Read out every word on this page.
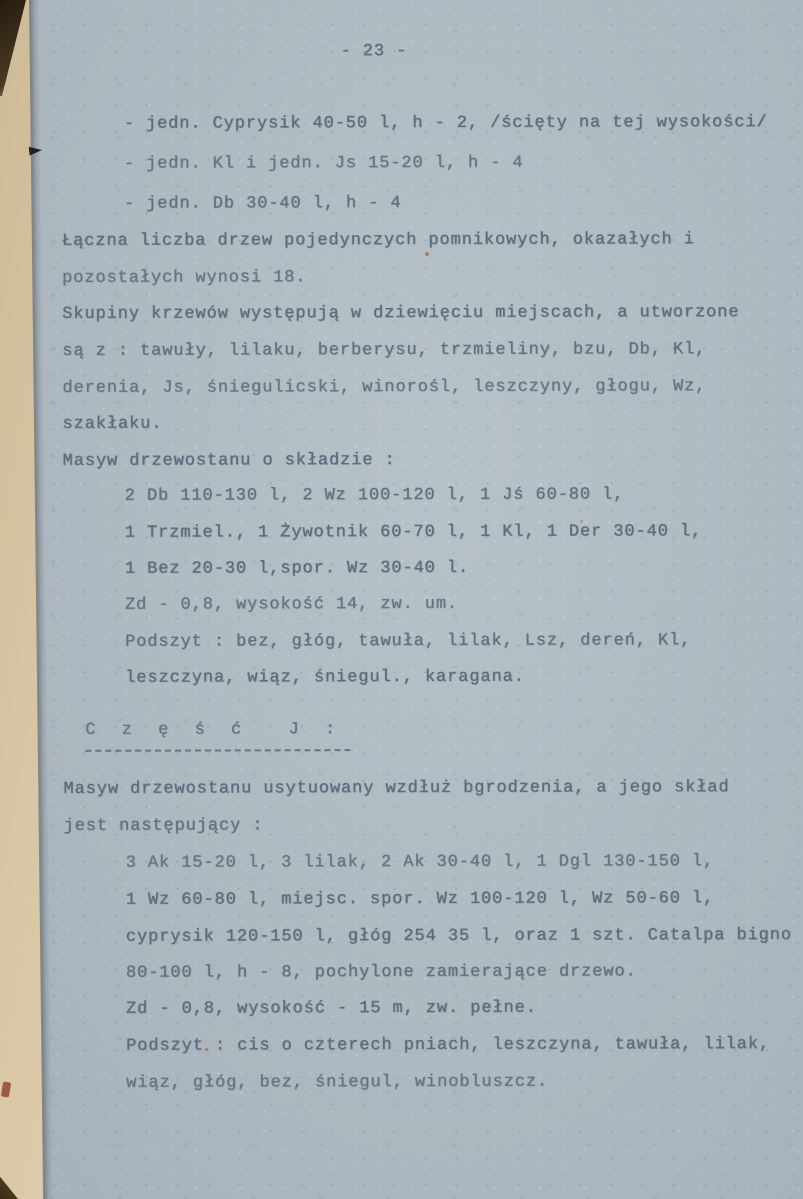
- 23 -
- jedn. Cyprysik 40-50 l, h - 2, /ścięty na tej wysokości/
- jedn. Kl i jedn. Js 15-20 l, h - 4
- jedn. Db 30-40 l, h - 4
Łączna liczba drzew pojedynczych pomnikowych, okazałych i
pozostałych wynosi 18.
Skupiny krzewów występują w dziewięciu miejscach, a utworzone
są z : tawuły, lilaku, berberysu, trzmieliny, bzu, Db, Kl,
derenia, Js, śniegulicski, winorośl, leszczyny, głogu, Wz,
szakłaku.
Masyw drzewostanu o składzie :
2 Db 110-130 l, 2 Wz 100-120 l, 1 Jś 60-80 l,
1 Trzmiel., 1 Żywotnik 60-70 l, 1 Kl, 1 Der 30-40 l,
1 Bez 20-30 l,spor. Wz 30-40 l.
Zd - 0,8, wysokość 14, zw. um.
Podszyt : bez, głóg, tawuła, lilak, Lsz, dereń, Kl,
leszczyna, wiąz, śniegul., karagana.
C z ę ś ć  J :
Masyw drzewostanu usytuowany wzdłuż bgrodzenia, a jego skład
jest następujący :
3 Ak 15-20 l, 3 lilak, 2 Ak 30-40 l, 1 Dgl 130-150 l,
1 Wz 60-80 l, miejsc. spor. Wz 100-120 l, Wz 50-60 l,
cyprysik 120-150 l, głóg 254 35 l, oraz 1 szt. Catalpa bigno
80-100 l, h - 8, pochylone zamierające drzewo.
Zd - 0,8, wysokość - 15 m, zw. pełne.
Podszyt : cis o czterech pniach, leszczyna, tawuła, lilak,
wiąz, głóg, bez, śniegul, winobluszcz.
